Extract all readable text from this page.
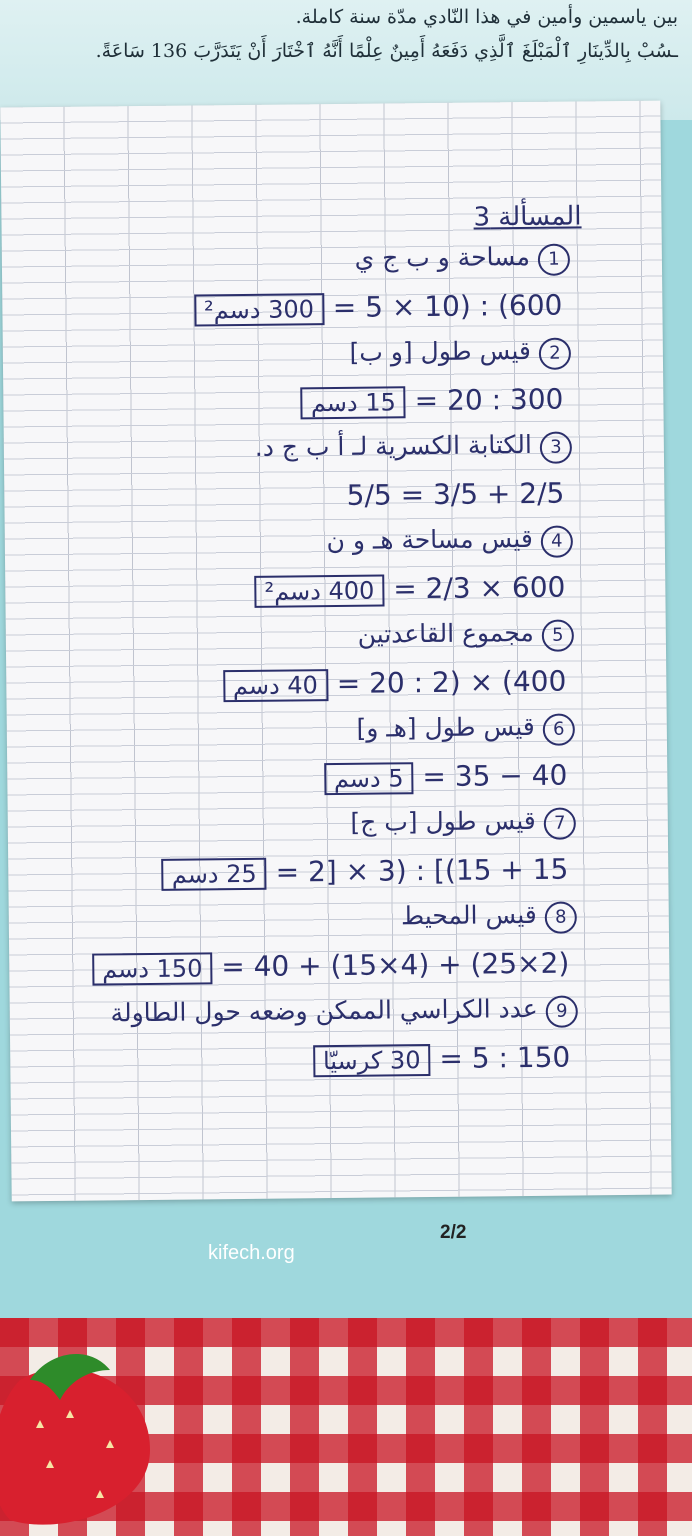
بين ياسمين وأمين في هذا النّادي مدّة سنة كاملة.

ـسُبْ بِالدِّينَارِ ٱلْمَبْلَغَ ٱلَّذِي دَفَعَهُ أَمِينٌ عِلْمًا أَنَّهُ ٱخْتَارَ أَنْ يَتَدَرَّبَ 136 سَاعَةً.

المسألة 3
1مساحة و ب ج ي
300 دسم² = 5 × 10) : (600
2قيس طول [و ب]
15 دسم = 20 : 300
3الكتابة الكسرية لـ أ ب ج د.
5/5 = 3/5 + 2/5
4قيس مساحة هـ و ن
400 دسم² = 2/3 × 600
5مجموع القاعدتين
40 دسم = 20 : 2) × (400
6قيس طول [هـ و]
5 دسم = 35 − 40
7قيس طول [ب ج]
25 دسم = 2] × 3) : [(15 + 15
8قيس المحيط
150 دسم = 40 + (15×4) + (25×2)
9عدد الكراسي الممكن وضعه حول الطاولة
30 كرسيّا = 5 : 150
2/2
kifech.org
